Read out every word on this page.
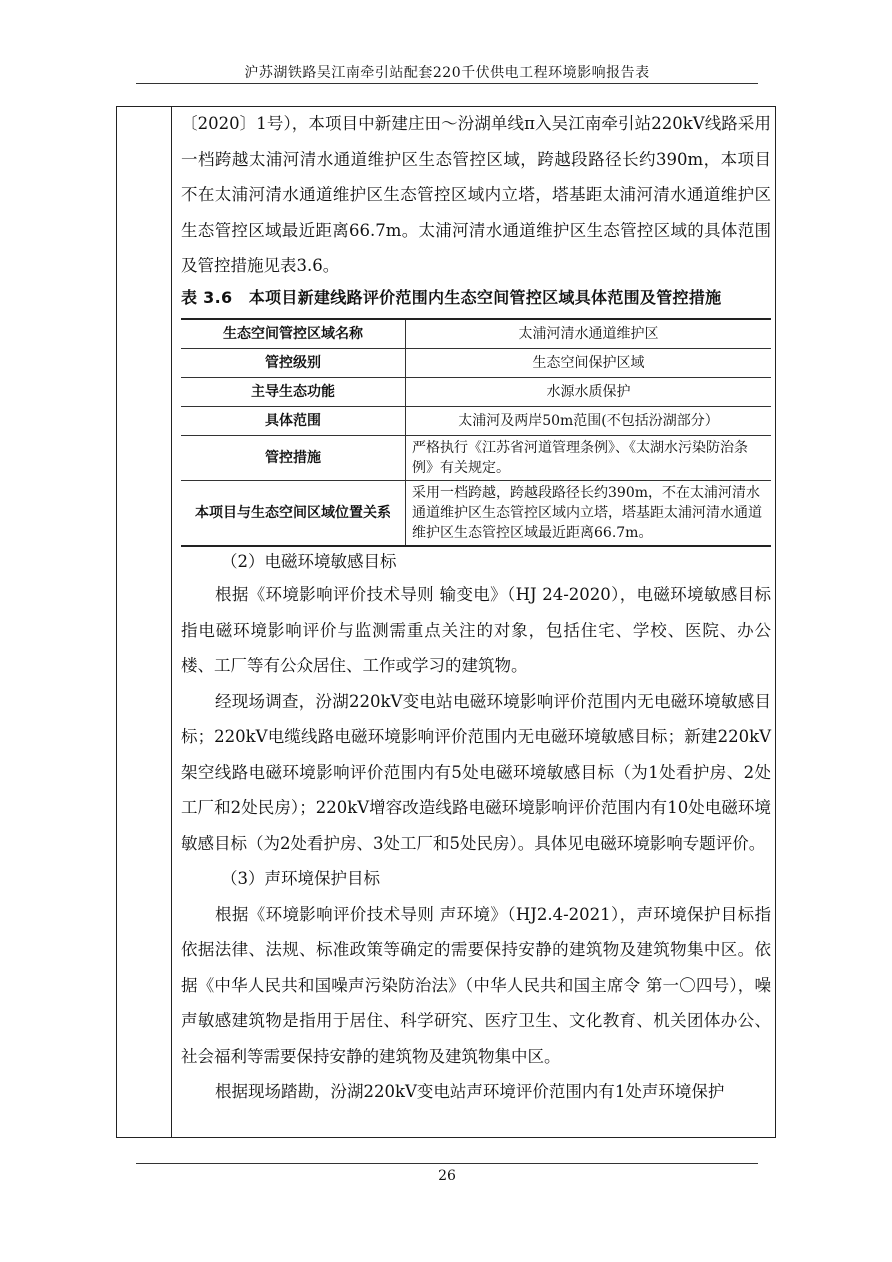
沪苏湖铁路吴江南牵引站配套220千伏供电工程环境影响报告表

〔2020〕1号），本项目中新建庄田～汾湖单线π入吴江南牵引站220kV线路采用一档跨越太浦河清水通道维护区生态管控区域，跨越段路径长约390m，本项目不在太浦河清水通道维护区生态管控区域内立塔，塔基距太浦河清水通道维护区生态管控区域最近距离66.7m。太浦河清水通道维护区生态管控区域的具体范围及管控措施见表3.6。

表 3.6　本项目新建线路评价范围内生态空间管控区域具体范围及管控措施

生态空间管控区域名称	太浦河清水通道维护区
管控级别	生态空间保护区域
主导生态功能	水源水质保护
具体范围	太浦河及两岸50m范围(不包括汾湖部分）
管控措施	严格执行《江苏省河道管理条例》、《太湖水污染防治条例》有关规定。
本项目与生态空间区域位置关系	采用一档跨越，跨越段路径长约390m，不在太浦河清水通道维护区生态管控区域内立塔，塔基距太浦河清水通道维护区生态管控区域最近距离66.7m。

（2）电磁环境敏感目标

根据《环境影响评价技术导则 输变电》（HJ 24-2020），电磁环境敏感目标指电磁环境影响评价与监测需重点关注的对象，包括住宅、学校、医院、办公楼、工厂等有公众居住、工作或学习的建筑物。

经现场调查，汾湖220kV变电站电磁环境影响评价范围内无电磁环境敏感目标；220kV电缆线路电磁环境影响评价范围内无电磁环境敏感目标；新建220kV架空线路电磁环境影响评价范围内有5处电磁环境敏感目标（为1处看护房、2处工厂和2处民房）；220kV增容改造线路电磁环境影响评价范围内有10处电磁环境敏感目标（为2处看护房、3处工厂和5处民房）。具体见电磁环境影响专题评价。

（3）声环境保护目标

根据《环境影响评价技术导则 声环境》（HJ2.4-2021），声环境保护目标指依据法律、法规、标准政策等确定的需要保持安静的建筑物及建筑物集中区。依据《中华人民共和国噪声污染防治法》（中华人民共和国主席令 第一〇四号），噪声敏感建筑物是指用于居住、科学研究、医疗卫生、文化教育、机关团体办公、社会福利等需要保持安静的建筑物及建筑物集中区。

根据现场踏勘，汾湖220kV变电站声环境评价范围内有1处声环境保护

26
